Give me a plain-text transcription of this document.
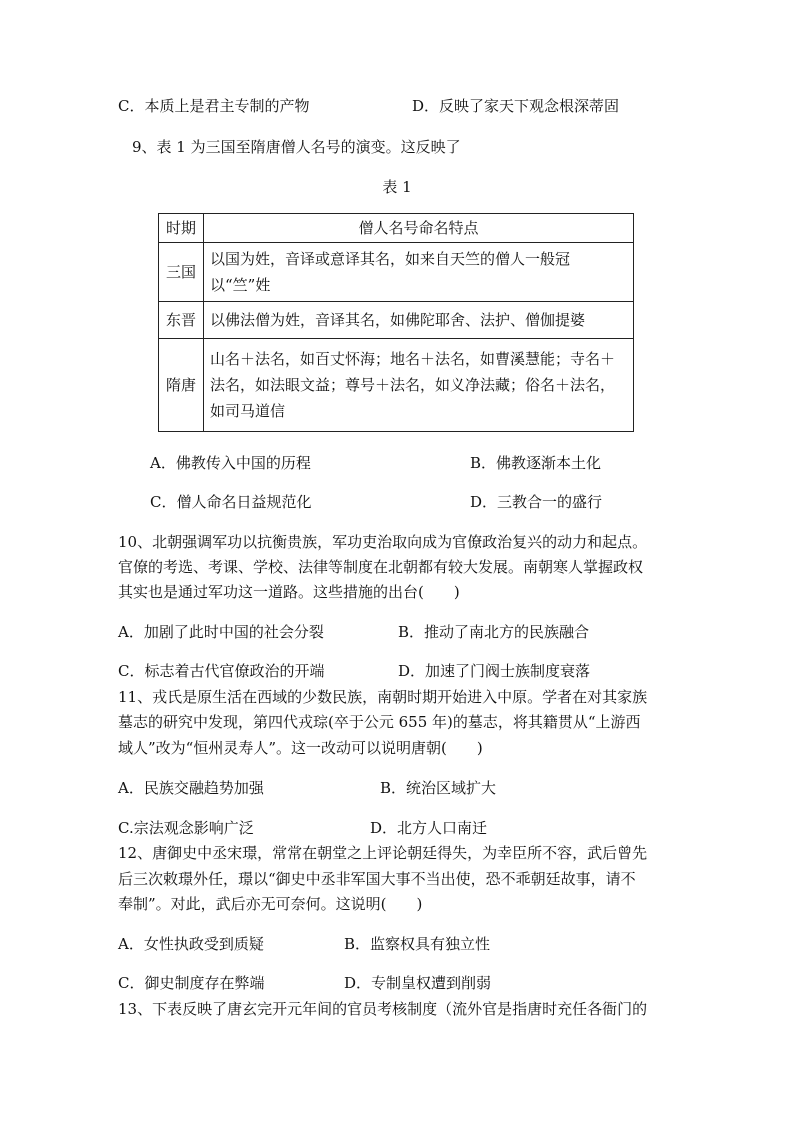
C．本质上是君主专制的产物	D．反映了家天下观念根深蒂固
9、表 1 为三国至隋唐僧人名号的演变。这反映了
表 1
时期	僧人名号命名特点
三国	以国为姓，音译或意译其名，如来自天竺的僧人一般冠以“竺”姓
东晋	以佛法僧为姓，音译其名，如佛陀耶舍、法护、僧伽提婆
隋唐	山名＋法名，如百丈怀海；地名＋法名，如曹溪慧能；寺名＋法名，如法眼文益；尊号＋法名，如义净法藏；俗名＋法名，如司马道信
A．佛教传入中国的历程	B．佛教逐渐本土化
C．僧人命名日益规范化	D．三教合一的盛行
10、北朝强调军功以抗衡贵族，军功吏治取向成为官僚政治复兴的动力和起点。
官僚的考选、考课、学校、法律等制度在北朝都有较大发展。南朝寒人掌握政权
其实也是通过军功这一道路。这些措施的出台(　　)
A．加剧了此时中国的社会分裂	B．推动了南北方的民族融合
C．标志着古代官僚政治的开端	D．加速了门阀士族制度衰落
11、戎氏是原生活在西域的少数民族，南朝时期开始进入中原。学者在对其家族
墓志的研究中发现，第四代戎琮(卒于公元 655 年)的墓志，将其籍贯从“上游西
域人”改为“恒州灵寿人”。这一改动可以说明唐朝(　　)
A．民族交融趋势加强	B．统治区域扩大
C.宗法观念影响广泛	D．北方人口南迁
12、唐御史中丞宋璟，常常在朝堂之上评论朝廷得失，为幸臣所不容，武后曾先
后三次敕璟外任，璟以“御史中丞非军国大事不当出使，恐不乖朝廷故事，请不
奉制”。对此，武后亦无可奈何。这说明(　　)
A．女性执政受到质疑	B．监察权具有独立性
C．御史制度存在弊端	D．专制皇权遭到削弱
13、下表反映了唐玄完开元年间的官员考核制度（流外官是指唐时充任各衙门的
